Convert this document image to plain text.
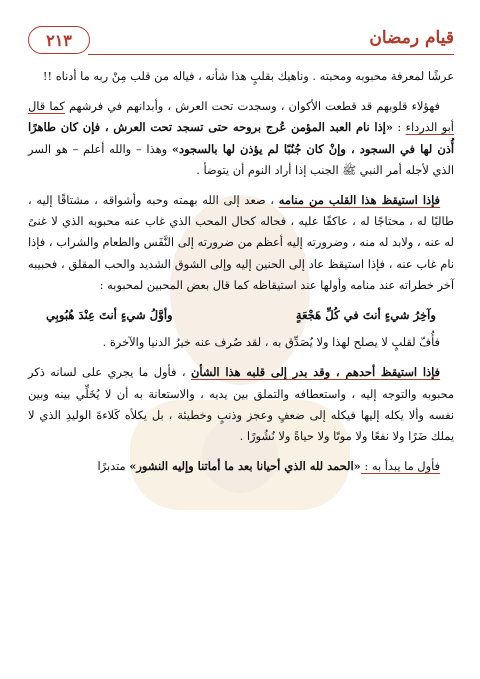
قيام رمضان
٢١٣

عرشًا لمعرفة محبوبه ومحبته . وناهيك بقلبٍ هذا شأنه ، فياله من قلب مِنْ ربه ما أدناه !!

فهؤلاء قلوبهم قد قطعت الأكوان ، وسجدت تحت العرش ، وأبدانهم في فرشهم كما قال أبو الدرداء : «إذا نام العبد المؤمن عُرج بروحه حتى تسجد تحت العرش ، فإن كان طاهرًا أُذن لها في السجود ، وإنْ كان جُنُبًا لم يؤذن لها بالسجود» وهذا – والله أعلم – هو السر الذي لأجله أمر النبي ﷺ الجنب إذا أراد النوم أن يتوضأ .

فإذا استيقظ هذا القلب من منامه ، صعد إلى الله بهمته وحبه وأشواقه ، مشتاقًا إليه ، طالبًا له ، محتاجًا له ، عاكفًا عليه ، فحاله كحال المحب الذي غاب عنه محبوبه الذي لا غنىً له عنه ، ولابد له منه ، وضرورته إليه أعظم من ضرورته إلى النَّفَس والطعام والشراب ، فإذا نام غاب عنه ، فإذا استيقظ عاد إلى الحنين إليه وإلى الشوق الشديد والحب المقلق ، فحبيبه آخر خطراته عند منامه وأولها عند استيقاظه كما قال بعض المحبين لمحبوبه :

وآخِرُ شيءٍ أنتَ في كُلِّ هَجْعَةٍ
وأوَّلُ شيءٍ أنتَ عِنْدَ هُبُوبِي

فأُفّ لقلبٍ لا يصلح لهذا ولا يُصَدِّق به ، لقد صُرف عنه خيرُ الدنيا والآخرة .

فإذا استيقظ أحدهم ، وقد بدر إلى قلبه هذا الشأن ، فأول ما يجري على لسانه ذكر محبوبه والتوجه إليه ، واستعطافه والتملق بين يديه ، والاستعانة به أن لا يُخَلِّي بينه وبين نفسه وألا يكله إليها فيكله إلى ضعفٍ وعجز وذنبٍ وخطيئة ، بل يكلأه كَلاءةَ الوليدِ الذي لا يملك ضَرًا ولا نفعًا ولا موتًا ولا حياةً ولا نُشُورًا .

فأول ما يبدأ به : «الحمد لله الذي أحيانا بعد ما أماتنا وإليه النشور» متدبرًا
